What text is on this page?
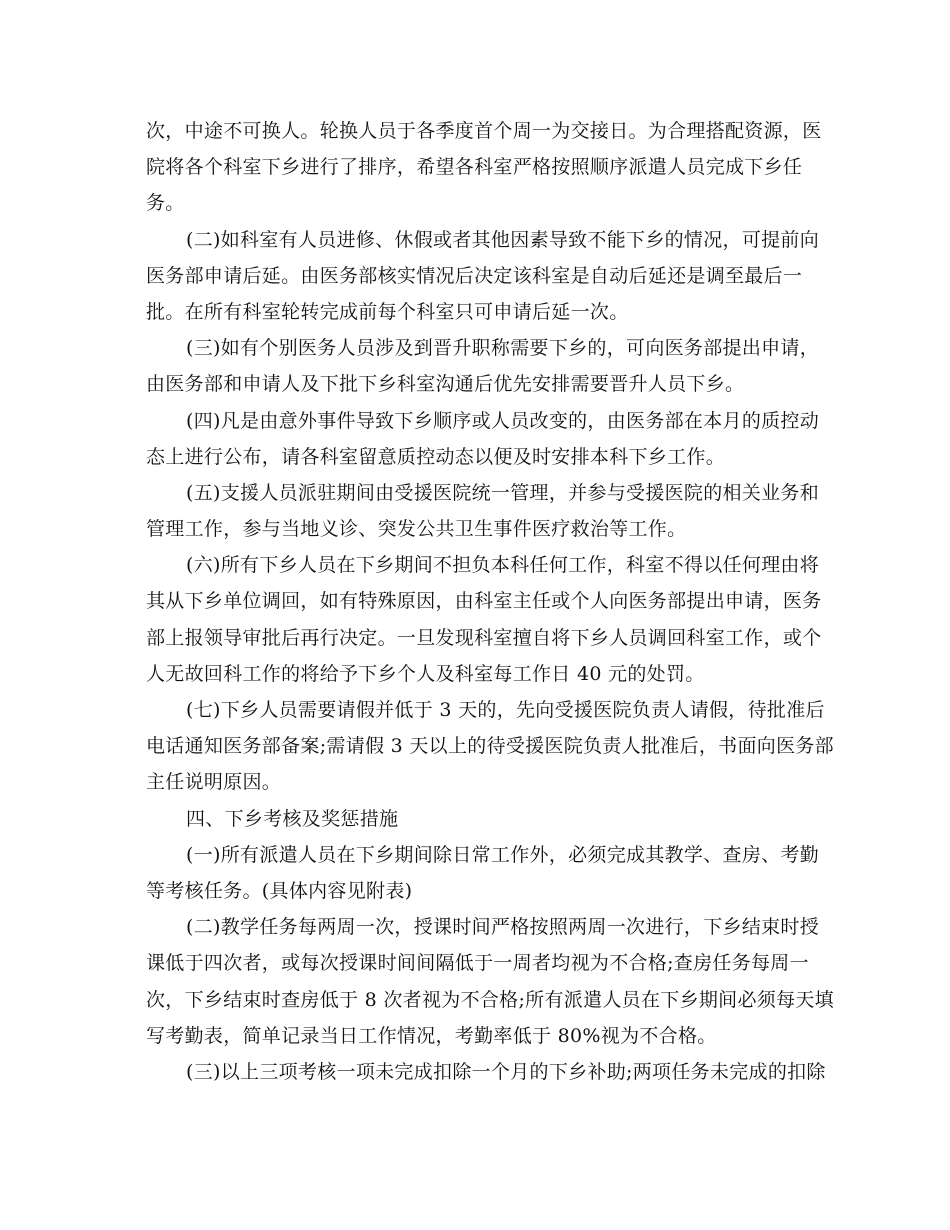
次，中途不可换人。轮换人员于各季度首个周一为交接日。为合理搭配资源，医
院将各个科室下乡进行了排序，希望各科室严格按照顺序派遣人员完成下乡任
务。
(二)如科室有人员进修、休假或者其他因素导致不能下乡的情况，可提前向
医务部申请后延。由医务部核实情况后决定该科室是自动后延还是调至最后一
批。在所有科室轮转完成前每个科室只可申请后延一次。
(三)如有个别医务人员涉及到晋升职称需要下乡的，可向医务部提出申请，
由医务部和申请人及下批下乡科室沟通后优先安排需要晋升人员下乡。
(四)凡是由意外事件导致下乡顺序或人员改变的，由医务部在本月的质控动
态上进行公布，请各科室留意质控动态以便及时安排本科下乡工作。
(五)支援人员派驻期间由受援医院统一管理，并参与受援医院的相关业务和
管理工作，参与当地义诊、突发公共卫生事件医疗救治等工作。
(六)所有下乡人员在下乡期间不担负本科任何工作，科室不得以任何理由将
其从下乡单位调回，如有特殊原因，由科室主任或个人向医务部提出申请，医务
部上报领导审批后再行决定。一旦发现科室擅自将下乡人员调回科室工作，或个
人无故回科工作的将给予下乡个人及科室每工作日 40 元的处罚。
(七)下乡人员需要请假并低于 3 天的，先向受援医院负责人请假，待批准后
电话通知医务部备案;需请假 3 天以上的待受援医院负责人批准后，书面向医务部
主任说明原因。
四、下乡考核及奖惩措施
(一)所有派遣人员在下乡期间除日常工作外，必须完成其教学、查房、考勤
等考核任务。(具体内容见附表)
(二)教学任务每两周一次，授课时间严格按照两周一次进行，下乡结束时授
课低于四次者，或每次授课时间间隔低于一周者均视为不合格;查房任务每周一
次，下乡结束时查房低于 8 次者视为不合格;所有派遣人员在下乡期间必须每天填
写考勤表，简单记录当日工作情况，考勤率低于 80%视为不合格。
(三)以上三项考核一项未完成扣除一个月的下乡补助;两项任务未完成的扣除
